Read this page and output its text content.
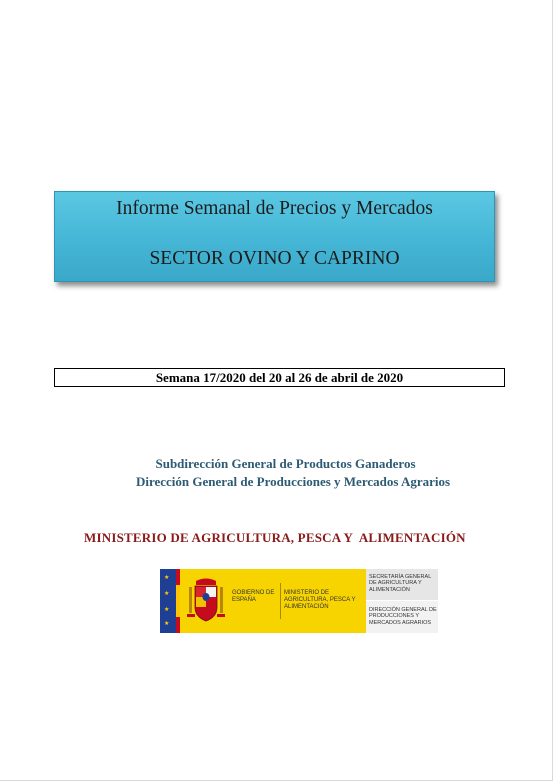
Informe Semanal de Precios y Mercados
SECTOR OVINO Y CAPRINO
Semana 17/2020 del 20 al 26 de abril de 2020
Subdirección General de Productos Ganaderos
Dirección General de Producciones y Mercados Agrarios
MINISTERIO DE AGRICULTURA, PESCA Y  ALIMENTACIÓN
★
★
★
★
GOBIERNO DE ESPAÑA
MINISTERIO DE AGRICULTURA, PESCA Y ALIMENTACIÓN
SECRETARÍA GENERAL DE AGRICULTURA Y ALIMENTACIÓN
DIRECCIÓN GENERAL DE PRODUCCIONES Y MERCADOS AGRARIOS
